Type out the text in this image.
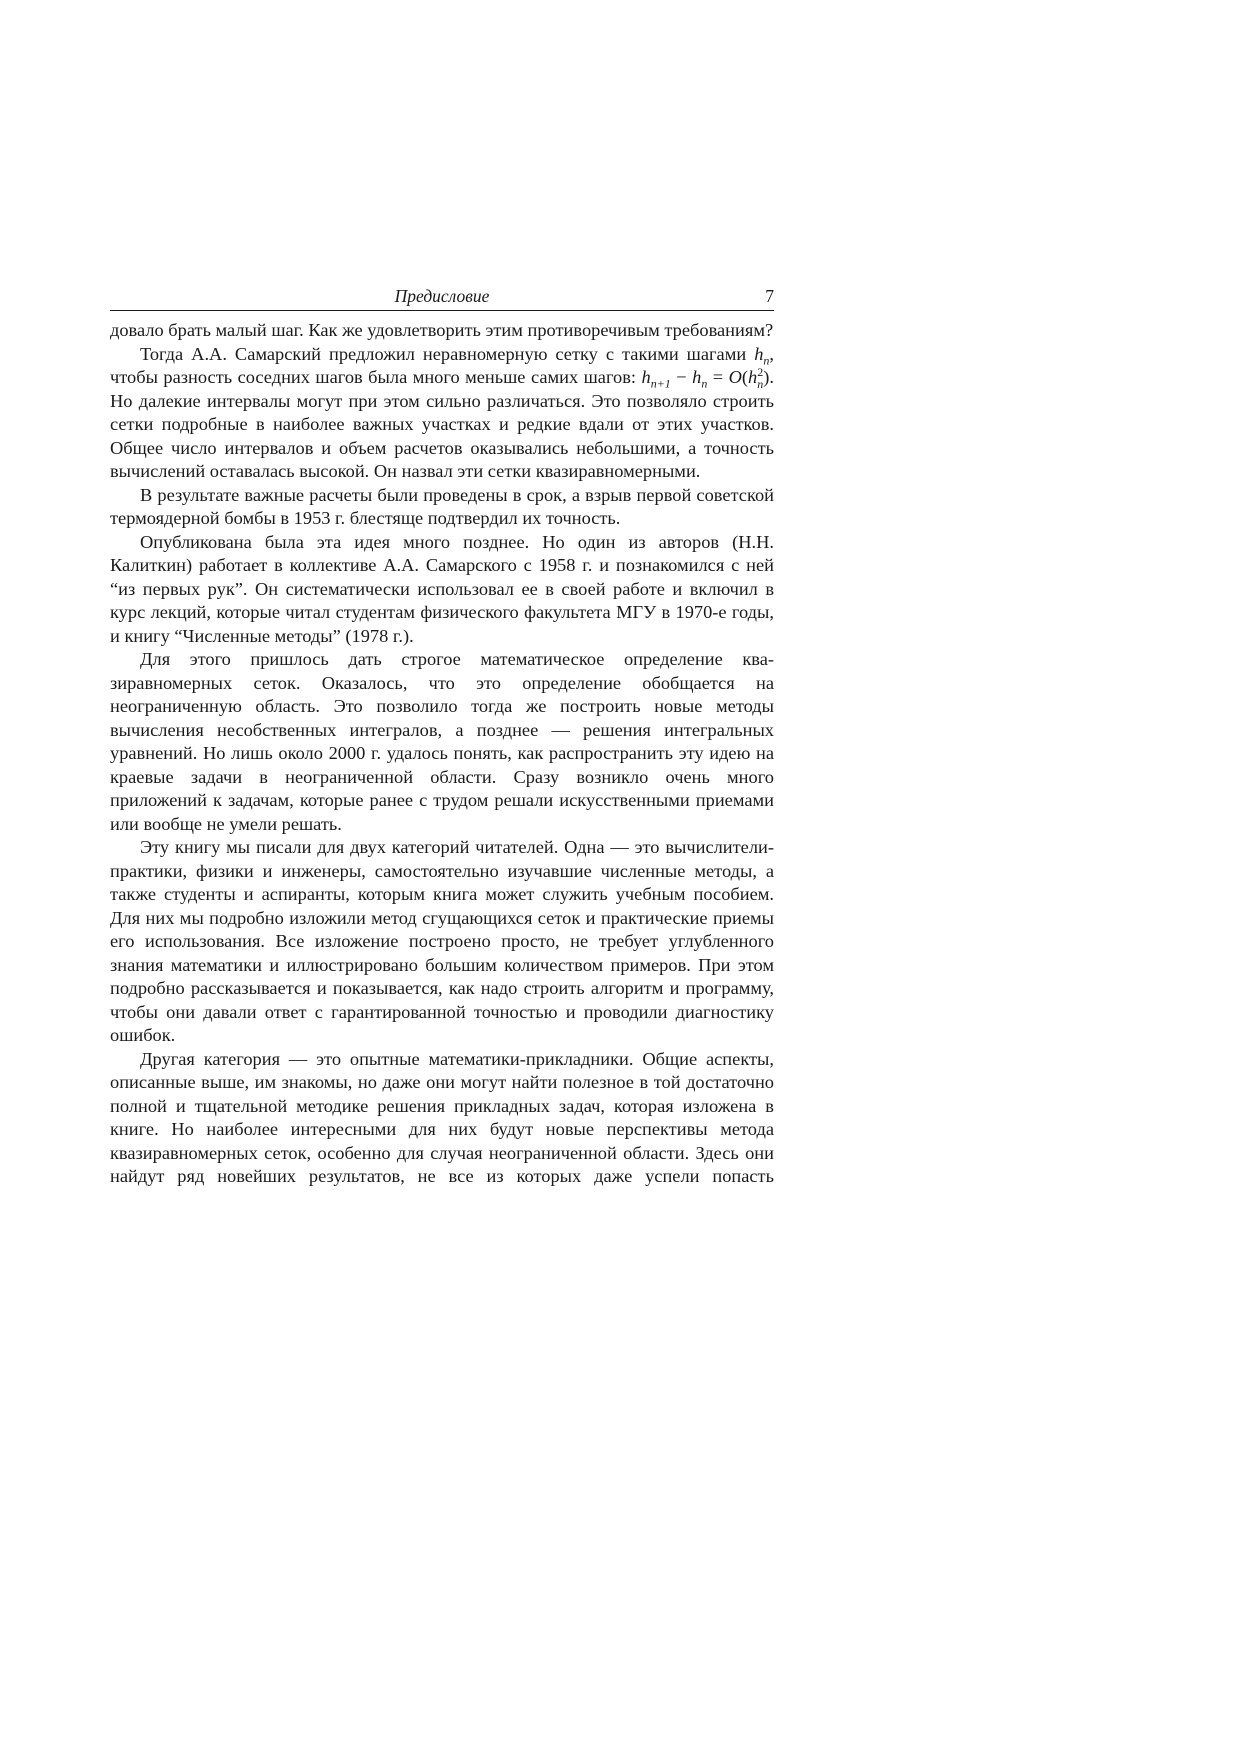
Предисловие	7

довало брать малый шаг. Как же удовлетворить этим противоречивым требованиям?

Тогда А.А. Самарский предложил неравномерную сетку с такими шагами $h_n$, чтобы разность соседних шагов была много меньше самих шагов: $h_{n+1} - h_n = O(h^2_n)$. Но далекие интервалы могут при этом сильно различаться. Это позволяло строить сетки подробные в наиболее важных участках и редкие вдали от этих участков. Общее число интервалов и объем расчетов оказывались небольшими, а точность вычислений оставалась высокой. Он назвал эти сетки квазиравномерными.

В результате важные расчеты были проведены в срок, а взрыв первой советской термоядерной бомбы в 1953 г. блестяще подтвердил их точность.

Опубликована была эта идея много позднее. Но один из авторов (Н.Н. Калиткин) работает в коллективе А.А. Самарского с 1958 г. и познакомился с ней “из первых рук”. Он систематически использовал ее в своей работе и включил в курс лекций, которые читал студентам физического факультета МГУ в 1970-е годы, и книгу “Численные методы” (1978 г.).

Для этого пришлось дать строгое математическое определение квазиравномерных сеток. Оказалось, что это определение обобщается на неограниченную область. Это позволило тогда же построить новые методы вычисления несобственных интегралов, а позднее — решения интегральных уравнений. Но лишь около 2000 г. удалось понять, как распространить эту идею на краевые задачи в неограниченной области. Сразу возникло очень много приложений к задачам, которые ранее с трудом решали искусственными приемами или вообще не умели решать.

Эту книгу мы писали для двух категорий читателей. Одна — это вычислители-практики, физики и инженеры, самостоятельно изучавшие численные методы, а также студенты и аспиранты, которым книга может служить учебным пособием. Для них мы подробно изложили метод сгущающихся сеток и практические приемы его использования. Все изложение построено просто, не требует углубленного знания математики и иллюстрировано большим количеством примеров. При этом подробно рассказывается и показывается, как надо строить алгоритм и программу, чтобы они давали ответ с гарантированной точностью и проводили диагностику ошибок.

Другая категория — это опытные математики-прикладники. Общие аспекты, описанные выше, им знакомы, но даже они могут найти полезное в той достаточно полной и тщательной методике решения прикладных задач, которая изложена в книге. Но наиболее интересными для них будут новые перспективы метода квазиравномерных сеток, особенно для случая неограниченной области. Здесь они найдут ряд новейших результатов, не все из которых даже успели попасть
